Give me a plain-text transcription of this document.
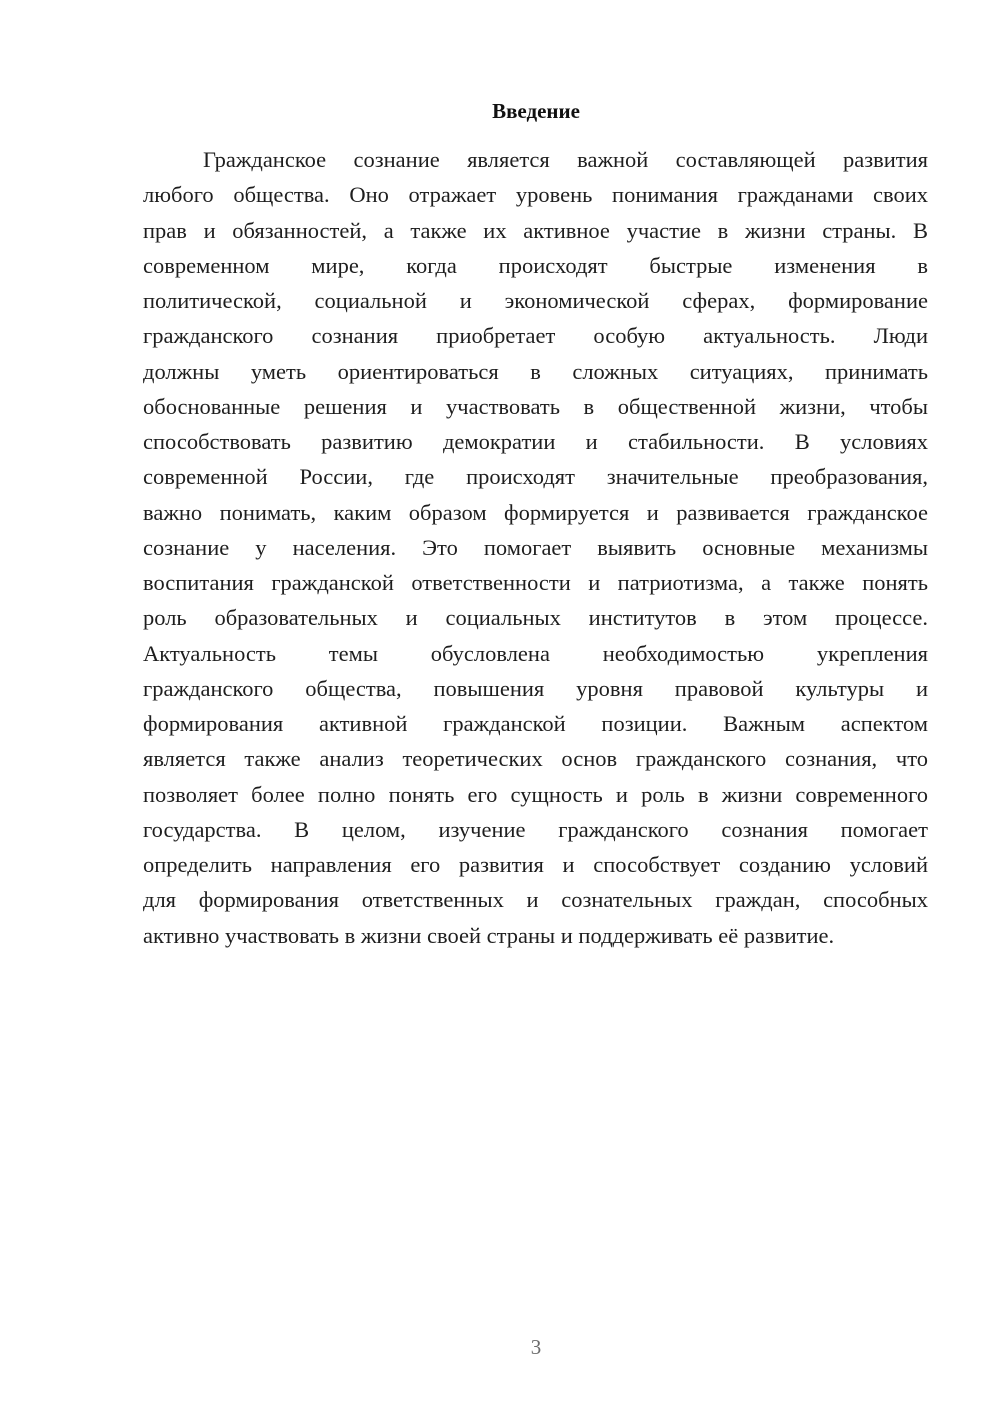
Введение

Гражданское сознание является важной составляющей развития
любого общества. Оно отражает уровень понимания гражданами своих
прав и обязанностей, а также их активное участие в жизни страны. В
современном мире, когда происходят быстрые изменения в
политической, социальной и экономической сферах, формирование
гражданского сознания приобретает особую актуальность. Люди
должны уметь ориентироваться в сложных ситуациях, принимать
обоснованные решения и участвовать в общественной жизни, чтобы
способствовать развитию демократии и стабильности. В условиях
современной России, где происходят значительные преобразования,
важно понимать, каким образом формируется и развивается гражданское
сознание у населения. Это помогает выявить основные механизмы
воспитания гражданской ответственности и патриотизма, а также понять
роль образовательных и социальных институтов в этом процессе.
Актуальность темы обусловлена необходимостью укрепления
гражданского общества, повышения уровня правовой культуры и
формирования активной гражданской позиции. Важным аспектом
является также анализ теоретических основ гражданского сознания, что
позволяет более полно понять его сущность и роль в жизни современного
государства. В целом, изучение гражданского сознания помогает
определить направления его развития и способствует созданию условий
для формирования ответственных и сознательных граждан, способных
активно участвовать в жизни своей страны и поддерживать её развитие.

3
